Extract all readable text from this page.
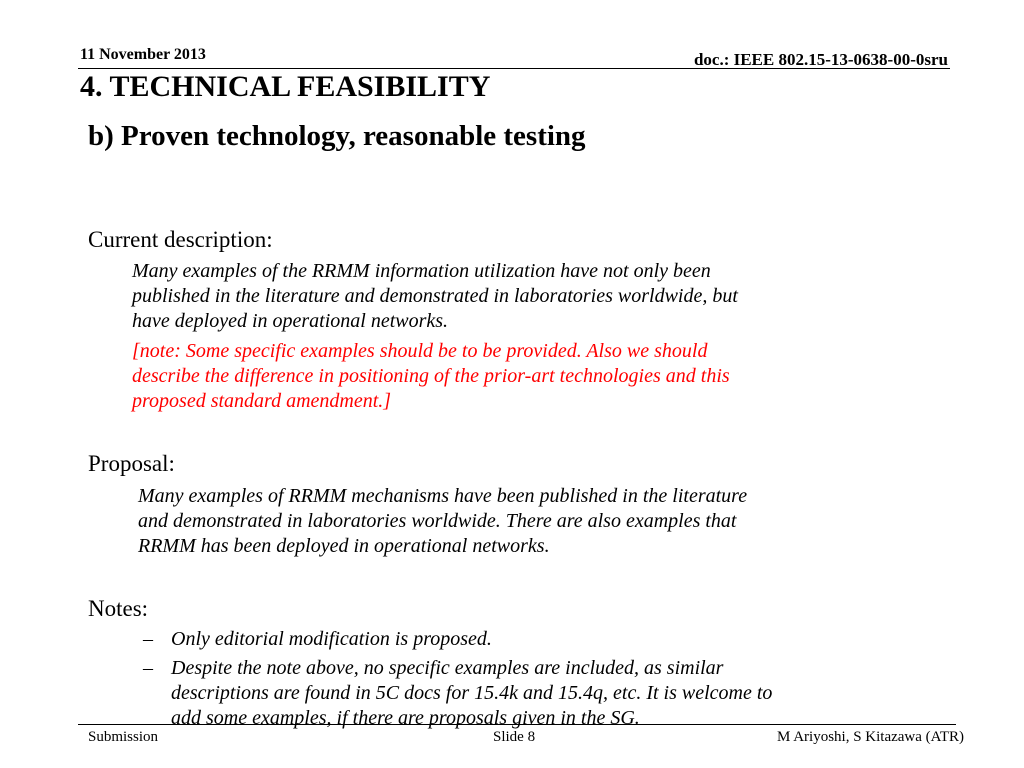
11 November 2013	doc.: IEEE 802.15-13-0638-00-0sru
4. TECHNICAL FEASIBILITY
b) Proven technology, reasonable testing
Current description:
Many examples of the RRMM information utilization have not only been
published in the literature and demonstrated in laboratories worldwide, but
have deployed in operational networks.
[note: Some specific examples should be to be provided. Also we should
describe the difference in positioning of the prior-art technologies and this
proposed standard amendment.]
Proposal:
Many examples of RRMM mechanisms have been published in the literature
and demonstrated in laboratories worldwide. There are also examples that
RRMM has been deployed in operational networks.
Notes:
– Only editorial modification is proposed.
– Despite the note above, no specific examples are included, as similar
descriptions are found in 5C docs for 15.4k and 15.4q, etc. It is welcome to
add some examples, if there are proposals given in the SG.
Submission	Slide 8	M Ariyoshi, S Kitazawa (ATR)
